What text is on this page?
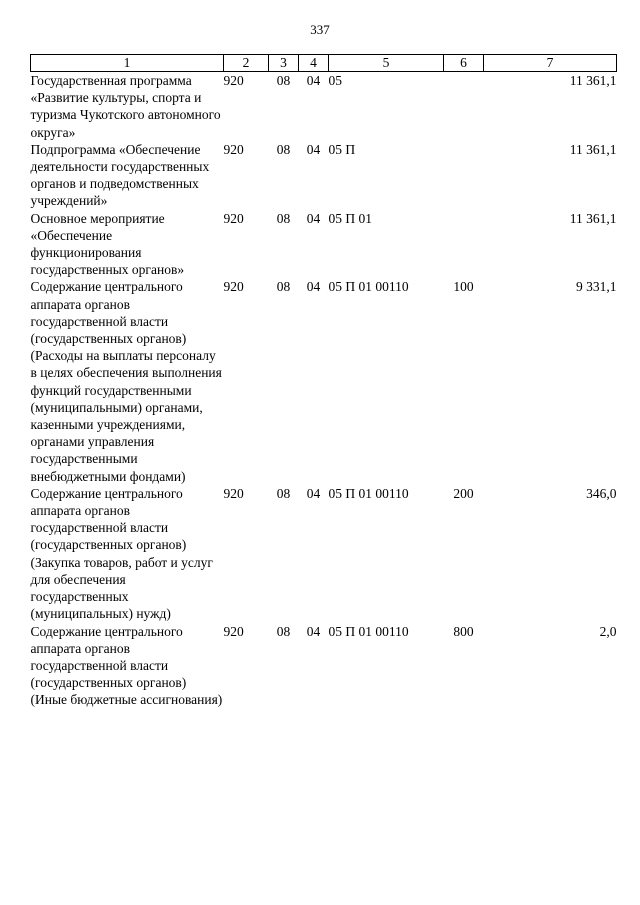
337
1	2	3	4	5	6	7
Государственная программа «Развитие культуры, спорта и туризма Чукотского автономного округа»	920	08	04	05		11 361,1
Подпрограмма «Обеспечение деятельности государственных органов и подведомственных учреждений»	920	08	04	05 П		11 361,1
Основное мероприятие «Обеспечение функционирования государственных органов»	920	08	04	05 П 01		11 361,1
Содержание центрального аппарата органов государственной власти (государственных органов) (Расходы на выплаты персоналу в целях обеспечения выполнения функций государственными (муниципальными) органами, казенными учреждениями, органами управления государственными внебюджетными фондами)	920	08	04	05 П 01 00110	100	9 331,1
Содержание центрального аппарата органов государственной власти (государственных органов) (Закупка товаров, работ и услуг для обеспечения государственных (муниципальных) нужд)	920	08	04	05 П 01 00110	200	346,0
Содержание центрального аппарата органов государственной власти (государственных органов) (Иные бюджетные ассигнования)	920	08	04	05 П 01 00110	800	2,0
